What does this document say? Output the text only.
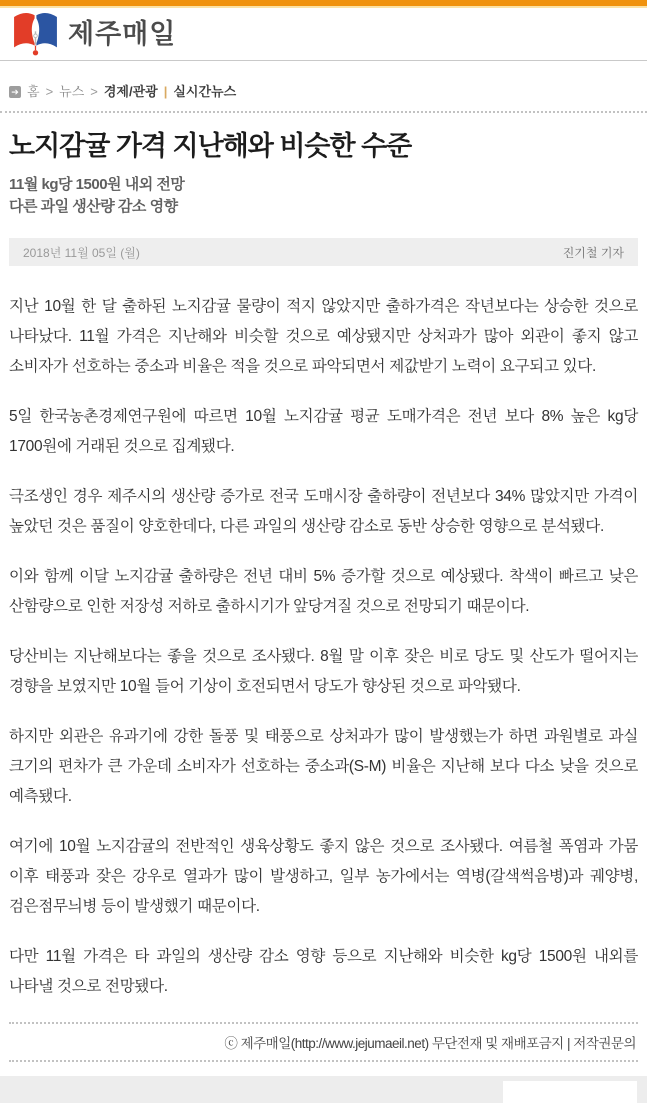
제주매일
➔ 홈 > 뉴스 > 경제/관광 | 실시간뉴스
노지감귤 가격 지난해와 비슷한 수준
11월 kg당 1500원 내외 전망
다른 과일 생산량 감소 영향
2018년 11월 05일 (월)	진기철 기자

지난 10월 한 달 출하된 노지감귤 물량이 적지 않았지만 출하가격은 작년보다는 상승한 것으로 나타났다. 11월 가격은 지난해와 비슷할 것으로 예상됐지만 상처과가 많아 외관이 좋지 않고 소비자가 선호하는 중소과 비율은 적을 것으로 파악되면서 제값받기 노력이 요구되고 있다.

5일 한국농촌경제연구원에 따르면 10월 노지감귤 평균 도매가격은 전년 보다 8% 높은 kg당 1700원에 거래된 것으로 집계됐다.

극조생인 경우 제주시의 생산량 증가로 전국 도매시장 출하량이 전년보다 34% 많았지만 가격이 높았던 것은 품질이 양호한데다, 다른 과일의 생산량 감소로 동반 상승한 영향으로 분석됐다.

이와 함께 이달 노지감귤 출하량은 전년 대비 5% 증가할 것으로 예상됐다. 착색이 빠르고 낮은 산함량으로 인한 저장성 저하로 출하시기가 앞당겨질 것으로 전망되기 때문이다.

당산비는 지난해보다는 좋을 것으로 조사됐다. 8월 말 이후 잦은 비로 당도 및 산도가 떨어지는 경향을 보였지만 10월 들어 기상이 호전되면서 당도가 향상된 것으로 파악됐다.

하지만 외관은 유과기에 강한 돌풍 및 태풍으로 상처과가 많이 발생했는가 하면 과원별로 과실 크기의 편차가 큰 가운데 소비자가 선호하는 중소과(S-M) 비율은 지난해 보다 다소 낮을 것으로 예측됐다.

여기에 10월 노지감귤의 전반적인 생육상황도 좋지 않은 것으로 조사됐다. 여름철 폭염과 가뭄 이후 태풍과 잦은 강우로 열과가 많이 발생하고, 일부 농가에서는 역병(갈색썩음병)과 궤양병, 검은점무늬병 등이 발생했기 때문이다.

다만 11월 가격은 타 과일의 생산량 감소 영향 등으로 지난해와 비슷한 kg당 1500원 내외를 나타낼 것으로 전망됐다.

ⓒ 제주매일(http://www.jejumaeil.net) 무단전재 및 재배포금지 | 저작권문의
